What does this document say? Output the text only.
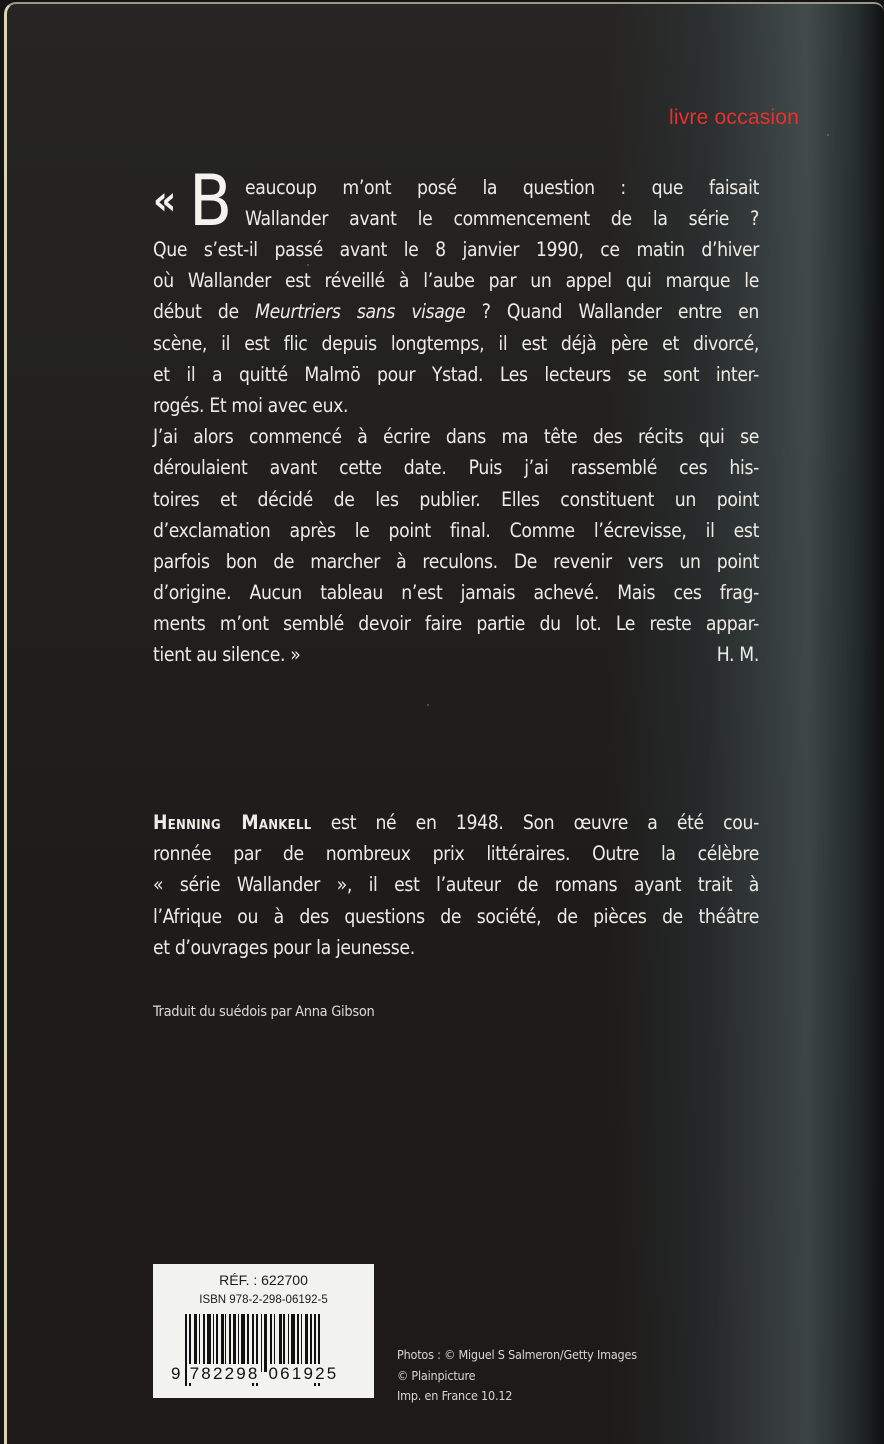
livre occasion
« B eaucoup m’ont posé la question : que faisait
Wallander avant le commencement de la série ?
Que s’est-il passé avant le 8 janvier 1990, ce matin d’hiver
où Wallander est réveillé à l’aube par un appel qui marque le
début de Meurtriers sans visage ? Quand Wallander entre en
scène, il est flic depuis longtemps, il est déjà père et divorcé,
et il a quitté Malmö pour Ystad. Les lecteurs se sont inter-
rogés. Et moi avec eux.
J’ai alors commencé à écrire dans ma tête des récits qui se
déroulaient avant cette date. Puis j’ai rassemblé ces his-
toires et décidé de les publier. Elles constituent un point
d’exclamation après le point final. Comme l’écrevisse, il est
parfois bon de marcher à reculons. De revenir vers un point
d’origine. Aucun tableau n’est jamais achevé. Mais ces frag-
ments m’ont semblé devoir faire partie du lot. Le reste appar-
tient au silence. »	H. M.
Henning Mankell est né en 1948. Son œuvre a été cou-
ronnée par de nombreux prix littéraires. Outre la célèbre
« série Wallander », il est l’auteur de romans ayant trait à
l’Afrique ou à des questions de société, de pièces de théâtre
et d’ouvrages pour la jeunesse.
Traduit du suédois par Anna Gibson
RÉF. : 622700
ISBN 978-2-298-06192-5
9 782298 061925
Photos : © Miguel S Salmeron/Getty Images
© Plainpicture
Imp. en France 10.12
